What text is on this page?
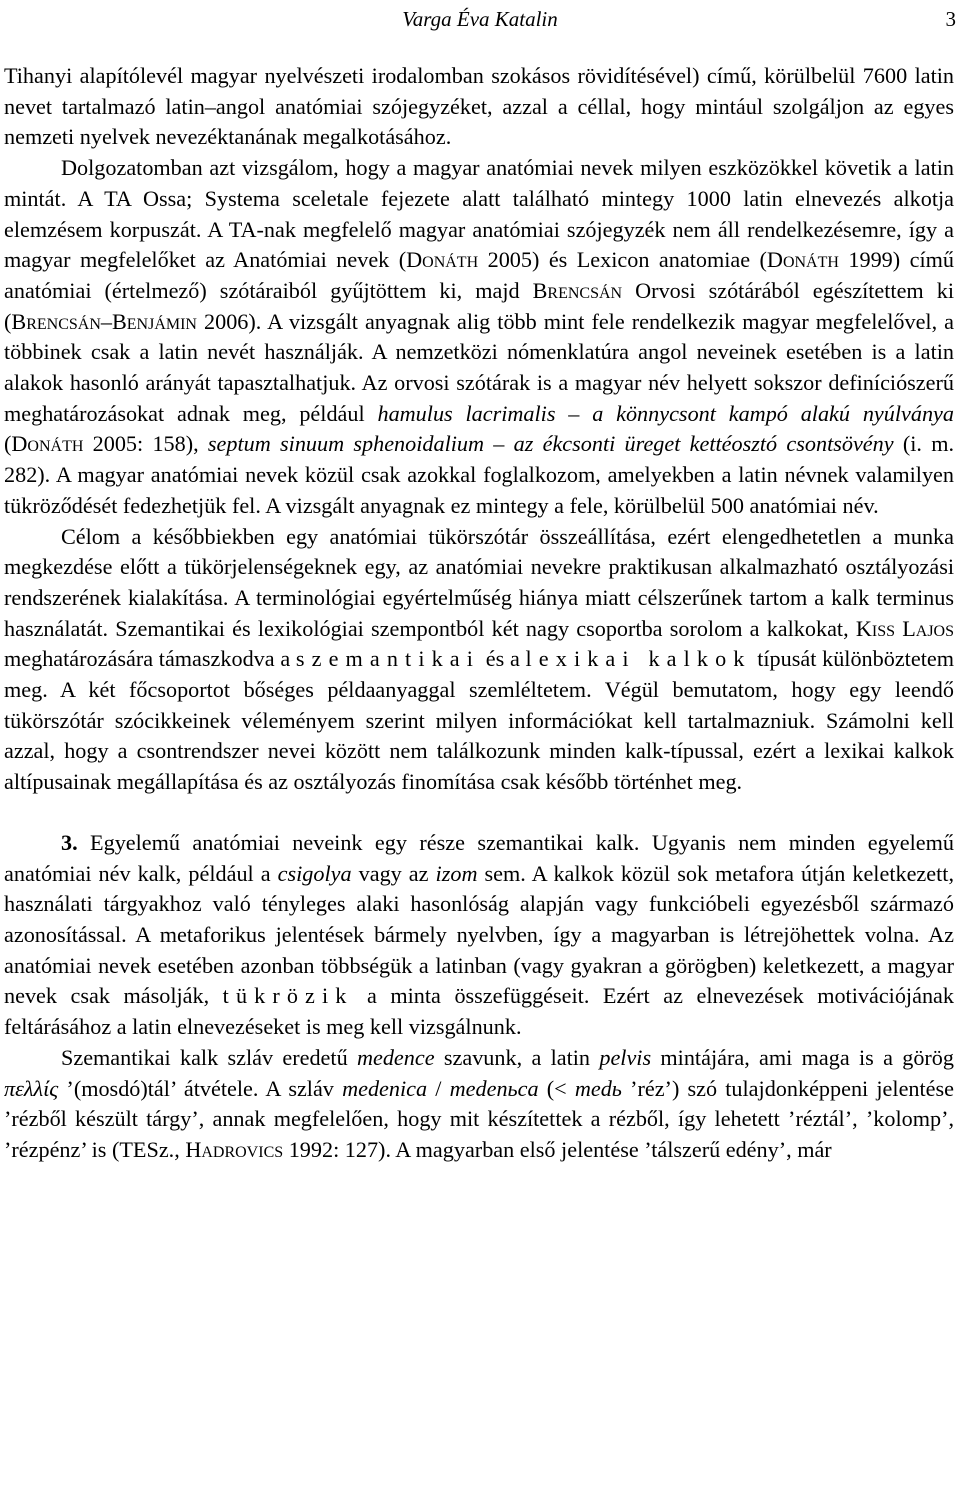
Varga Éva Katalin	3

Tihanyi alapítólevél magyar nyelvészeti irodalomban szokásos rövidítésével) című, körülbelül 7600 latin nevet tartalmazó latin–angol anatómiai szójegyzéket, azzal a céllal, hogy mintául szolgáljon az egyes nemzeti nyelvek nevezéktanának megalkotásához.

Dolgozatomban azt vizsgálom, hogy a magyar anatómiai nevek milyen eszközökkel követik a latin mintát. A TA Ossa; Systema sceletale fejezete alatt található mintegy 1000 latin elnevezés alkotja elemzésem korpuszát. A TA-nak megfelelő magyar anatómiai szójegyzék nem áll rendelkezésemre, így a magyar megfelelőket az Anatómiai nevek (Donáth 2005) és Lexicon anatomiae (Donáth 1999) című anatómiai (értelmező) szótáraiból gyűjtöttem ki, majd Brencsán Orvosi szótárából egészítettem ki (Brencsán–Benjámin 2006). A vizsgált anyagnak alig több mint fele rendelkezik magyar megfelelővel, a többinek csak a latin nevét használják. A nemzetközi nómenklatúra angol neveinek esetében is a latin alakok hasonló arányát tapasztalhatjuk. Az orvosi szótárak is a magyar név helyett sokszor definíciószerű meghatározásokat adnak meg, például hamulus lacrimalis – a könnycsont kampó alakú nyúlványa (Donáth 2005: 158), septum sinuum sphenoidalium – az ékcsonti üreget kettéosztó csontsövény (i. m. 282). A magyar anatómiai nevek közül csak azokkal foglalkozom, amelyekben a latin névnek valamilyen tükröződését fedezhetjük fel. A vizsgált anyagnak ez mintegy a fele, körülbelül 500 anatómiai név.

Célom a későbbiekben egy anatómiai tükörszótár összeállítása, ezért elengedhetetlen a munka megkezdése előtt a tükörjelenségeknek egy, az anatómiai nevekre praktikusan alkalmazható osztályozási rendszerének kialakítása. A terminológiai egyértelműség hiánya miatt célszerűnek tartom a kalk terminus használatát. Szemantikai és lexikológiai szempontból két nagy csoportba sorolom a kalkokat, Kiss Lajos meghatározására támaszkodva a szemantikai és a lexikai kalkok típusát különböztetem meg. A két főcsoportot bőséges példaanyaggal szemléltetem. Végül bemutatom, hogy egy leendő tükörszótár szócikkeinek véleményem szerint milyen információkat kell tartalmazniuk. Számolni kell azzal, hogy a csontrendszer nevei között nem találkozunk minden kalk-típussal, ezért a lexikai kalkok altípusainak megállapítása és az osztályozás finomítása csak később történhet meg.

3. Egyelemű anatómiai neveink egy része szemantikai kalk. Ugyanis nem minden egyelemű anatómiai név kalk, például a csigolya vagy az izom sem. A kalkok közül sok metafora útján keletkezett, használati tárgyakhoz való tényleges alaki hasonlóság alapján vagy funkcióbeli egyezésből származó azonosítással. A metaforikus jelentések bármely nyelvben, így a magyarban is létrejöhettek volna. Az anatómiai nevek esetében azonban többségük a latinban (vagy gyakran a görögben) keletkezett, a magyar nevek csak másolják, tükrözik a minta összefüggéseit. Ezért az elnevezések motivációjának feltárásához a latin elnevezéseket is meg kell vizsgálnunk.

Szemantikai kalk szláv eredetű medence szavunk, a latin pelvis mintájára, ami maga is a görög πελλίς ’(mosdó)tál’ átvétele. A szláv medenica / medenьca (< medь ’réz’) szó tulajdonképpeni jelentése ’rézből készült tárgy’, annak megfelelően, hogy mit készítettek a rézből, így lehetett ’réztál’, ’kolomp’, ’rézpénz’ is (TESz., Hadrovics 1992: 127). A magyarban első jelentése ’tálszerű edény’, már
